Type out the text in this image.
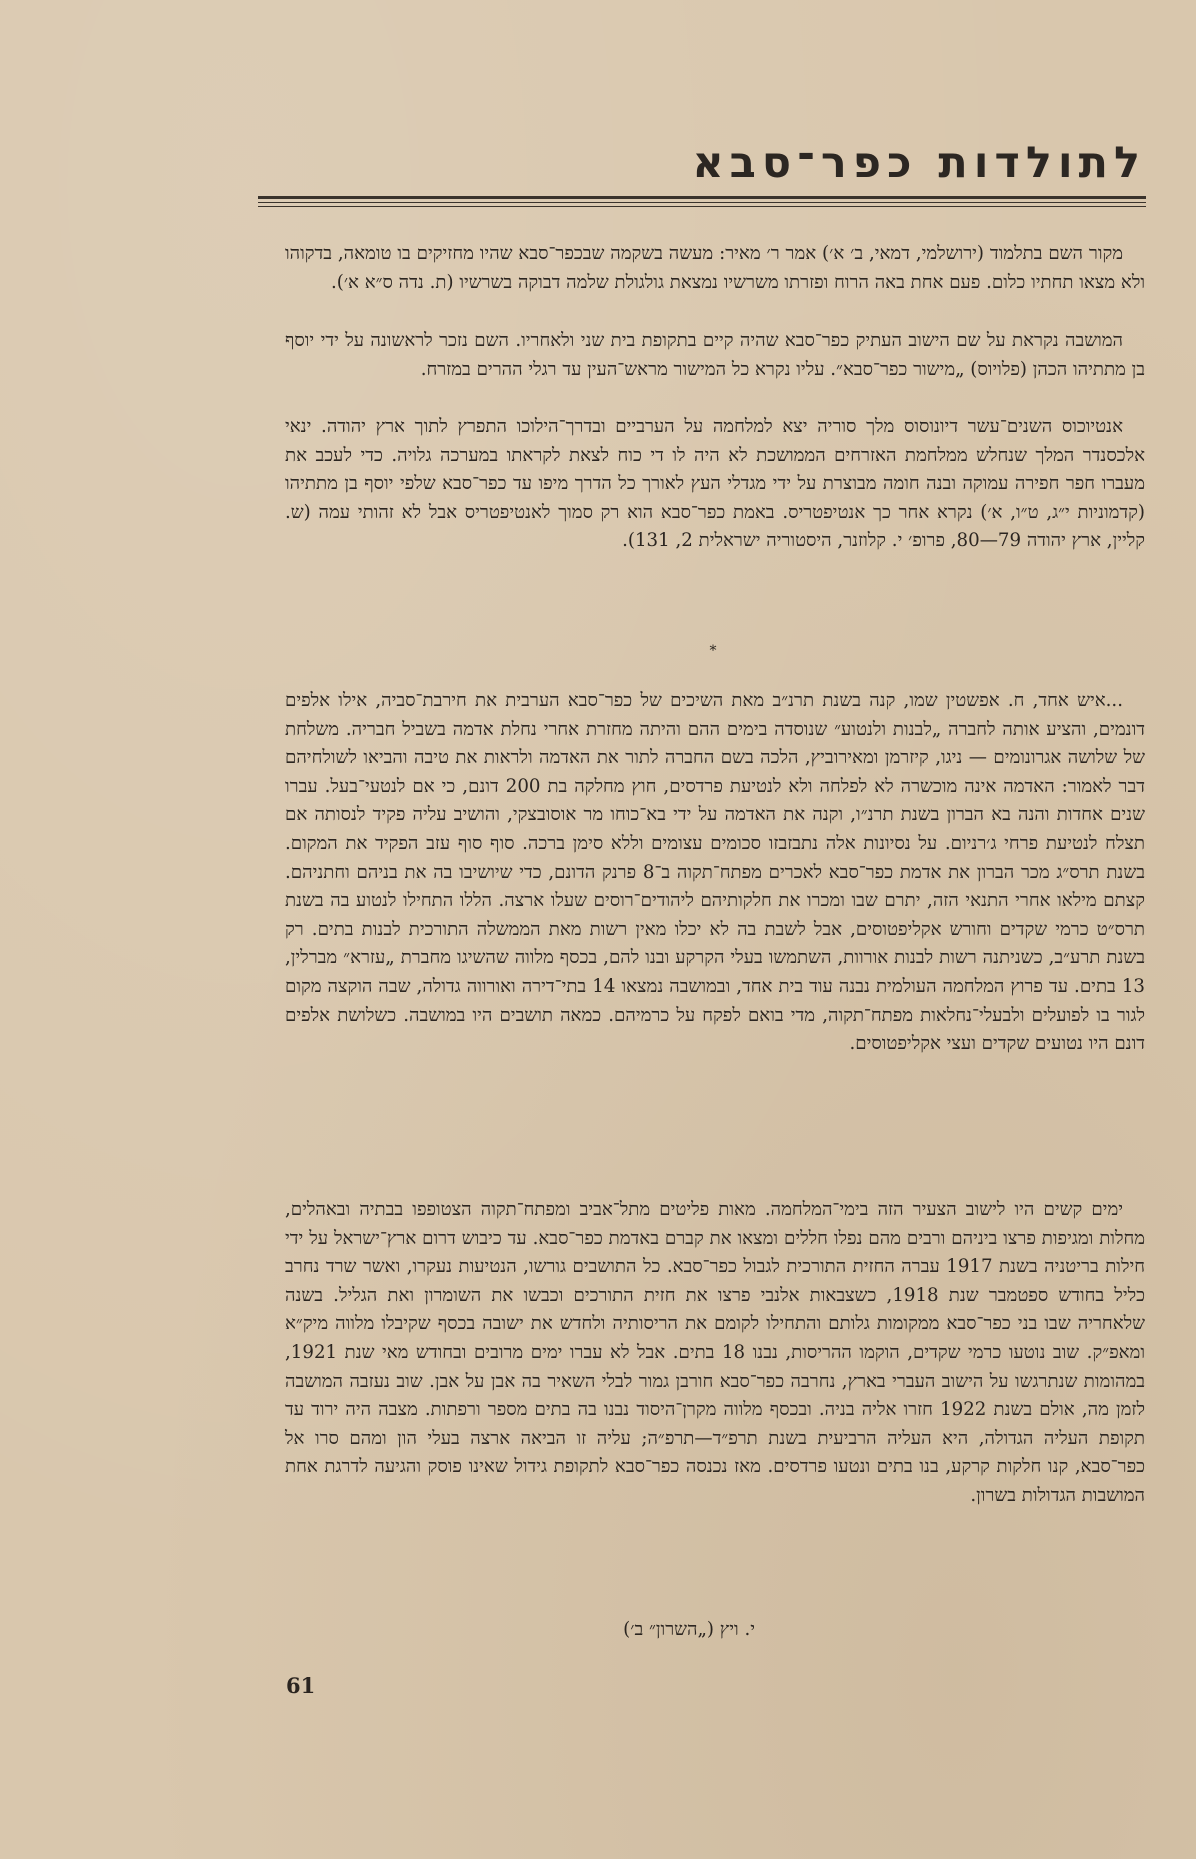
לתולדות כפר־סבא

מקור השם בתלמוד (ירושלמי, דמאי, ב׳ א׳) אמר ר׳ מאיר: מעשה בשקמה שבכפר־סבא שהיו מחזיקים בו טומאה, בדקוהו ולא מצאו תחתיו כלום. פעם אחת באה הרוח ופזרתו משרשיו נמצאת גולגולת שלמה דבוקה בשרשיו (ת. נדה ס״א א׳).

המושבה נקראת על שם הישוב העתיק כפר־סבא שהיה קיים בתקופת בית שני ולאחריו. השם נזכר לראשונה על ידי יוסף בן מתתיהו הכהן (פלויוס) „מישור כפר־סבא״. עליו נקרא כל המישור מראש־העין עד רגלי ההרים במזרח.

אנטיוכוס השנים־עשר דיונוסוס מלך סוריה יצא למלחמה על הערביים ובדרך־הילוכו התפרץ לתוך ארץ יהודה. ינאי אלכסנדר המלך שנחלש ממלחמת האזרחים הממושכת לא היה לו די כוח לצאת לקראתו במערכה גלויה. כדי לעכב את מעברו חפר חפירה עמוקה ובנה חומה מבוצרת על ידי מגדלי העץ לאורך כל הדרך מיפו עד כפר־סבא שלפי יוסף בן מתתיהו (קדמוניות י״ג, ט״ו, א׳) נקרא אחר כך אנטיפטריס. באמת כפר־סבא הוא רק סמוך לאנטיפטריס אבל לא זהותי עמה (ש. קליין, ארץ יהודה 79—80, פרופ׳ י. קלוזנר, היסטוריה ישראלית 2, 131).

*

...איש אחד, ח. אפשטין שמו, קנה בשנת תרנ״ב מאת השיכים של כפר־סבא הערבית את חירבת־סביה, אילו אלפים דונמים, והציע אותה לחברה „לבנות ולנטוע״ שנוסדה בימים ההם והיתה מחזרת אחרי נחלת אדמה בשביל חבריה. משלחת של שלושה אגרונומים — ניגו, קיזרמן ומאירוביץ, הלכה בשם החברה לתור את האדמה ולראות את טיבה והביאו לשולחיהם דבר לאמור: האדמה אינה מוכשרה לא לפלחה ולא לנטיעת פרדסים, חוץ מחלקה בת 200 דונם, כי אם לנטעי־בעל. עברו שנים אחדות והנה בא הברון בשנת תרנ״ו, וקנה את האדמה על ידי בא־כוחו מר אוסובצקי, והושיב עליה פקיד לנסותה אם תצלח לנטיעת פרחי ג׳רניום. על נסיונות אלה נתבזבזו סכומים עצומים וללא סימן ברכה. סוף סוף עזב הפקיד את המקום. בשנת תרס״ג מכר הברון את אדמת כפר־סבא לאכרים מפתח־תקוה ב־8 פרנק הדונם, כדי שיושיבו בה את בניהם וחתניהם. קצתם מילאו אחרי התנאי הזה, יתרם שבו ומכרו את חלקותיהם ליהודים־רוסים שעלו ארצה. הללו התחילו לנטוע בה בשנת תרס״ט כרמי שקדים וחורש אקליפטוסים, אבל לשבת בה לא יכלו מאין רשות מאת הממשלה התורכית לבנות בתים. רק בשנת תרע״ב, כשניתנה רשות לבנות אורוות, השתמשו בעלי הקרקע ובנו להם, בכסף מלווה שהשיגו מחברת „עזרא״ מברלין, 13 בתים. עד פרוץ המלחמה העולמית נבנה עוד בית אחד, ובמושבה נמצאו 14 בתי־דירה ואורווה גדולה, שבה הוקצה מקום לגור בו לפועלים ולבעלי־נחלאות מפתח־תקוה, מדי בואם לפקח על כרמיהם. כמאה תושבים היו במושבה. כשלושת אלפים דונם היו נטועים שקדים ועצי אקליפטוסים.

ימים קשים היו לישוב הצעיר הזה בימי־המלחמה. מאות פליטים מתל־אביב ומפתח־תקוה הצטופפו בבתיה ובאהלים, מחלות ומגיפות פרצו ביניהם ורבים מהם נפלו חללים ומצאו את קברם באדמת כפר־סבא. עד כיבוש דרום ארץ־ישראל על ידי חילות בריטניה בשנת 1917 עברה החזית התורכית לגבול כפר־סבא. כל התושבים גורשו, הנטיעות נעקרו, ואשר שרד נחרב כליל בחודש ספטמבר שנת 1918, כשצבאות אלנבי פרצו את חזית התורכים וכבשו את השומרון ואת הגליל. בשנה שלאחריה שבו בני כפר־סבא ממקומות גלותם והתחילו לקומם את הריסותיה ולחדש את ישובה בכסף שקיבלו מלווה מיק״א ומאפ״ק. שוב נוטעו כרמי שקדים, הוקמו ההריסות, נבנו 18 בתים. אבל לא עברו ימים מרובים ובחודש מאי שנת 1921, במהומות שנתרגשו על הישוב העברי בארץ, נחרבה כפר־סבא חורבן גמור לבלי השאיר בה אבן על אבן. שוב נעזבה המושבה לזמן מה, אולם בשנת 1922 חזרו אליה בניה. ובכסף מלווה מקרן־היסוד נבנו בה בתים מספר ורפתות. מצבה היה ירוד עד תקופת העליה הגדולה, היא העליה הרביעית בשנת תרפ״ד—תרפ״ה; עליה זו הביאה ארצה בעלי הון ומהם סרו אל כפר־סבא, קנו חלקות קרקע, בנו בתים ונטעו פרדסים. מאז נכנסה כפר־סבא לתקופת גידול שאינו פוסק והגיעה לדרגת אחת המושבות הגדולות בשרון.

י. ויץ („השרון״ ב׳)
61
